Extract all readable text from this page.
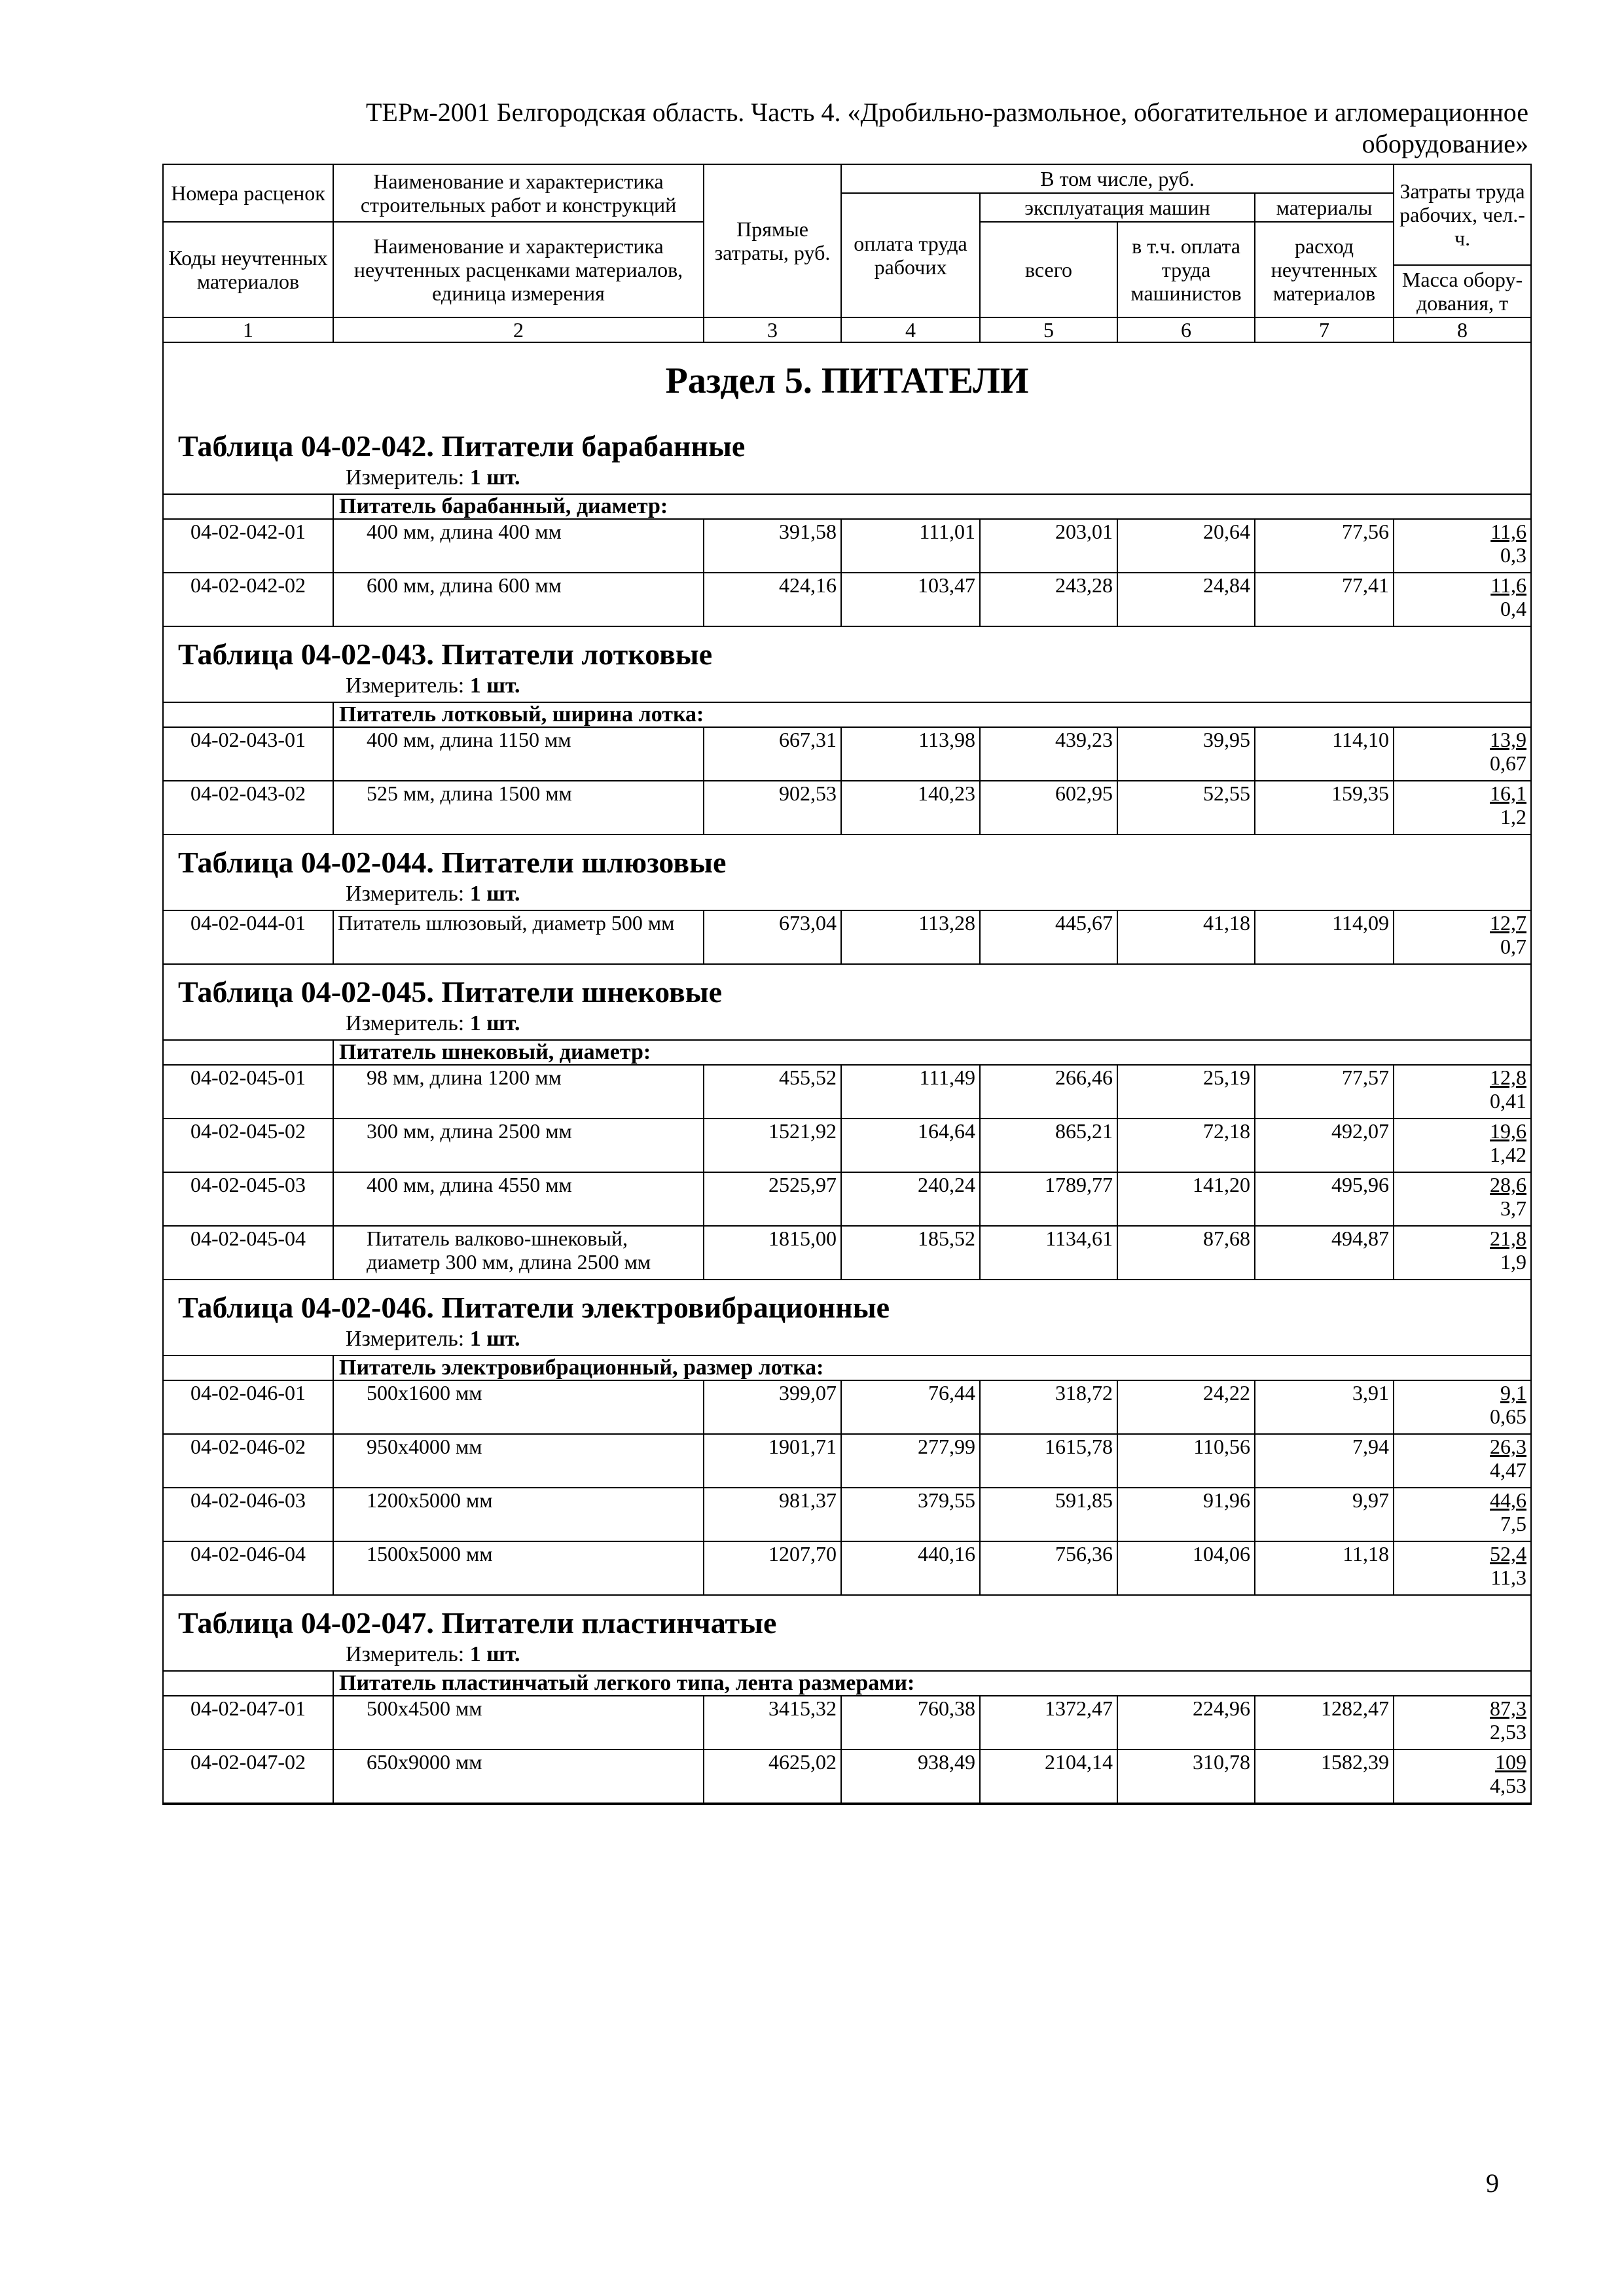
ТЕРм-2001 Белгородская область. Часть 4. «Дробильно-размольное, обогатительное и агломерационное
оборудование»
Номера расценок	Наименование и характеристика строительных работ и конструкций	Прямые затраты, руб.	В том числе, руб.				Затраты труда рабочих, чел.-ч.
			оплата труда рабочих	эксплуатация машин		материалы	
Коды неучтенных материалов	Наименование и характеристика неучтенных расценками материалов, единица измерения			всего	в т.ч. оплата труда машинистов	расход неучтенных материалов	
							Масса обору-дования, т
1	2	3	4	5	6	7	8
Раздел 5. ПИТАТЕЛИ							
Таблица 04-02-042. Питатели барабанные							
Измеритель: 1 шт.							
	Питатель барабанный, диаметр:						
04-02-042-01	400 мм, длина 400 мм	391,58	111,01	203,01	20,64	77,56	11,6
0,3

04-02-042-02	600 мм, длина 600 мм	424,16	103,47	243,28	24,84	77,41	11,6
0,4

Таблица 04-02-043. Питатели лотковые							
Измеритель: 1 шт.							
	Питатель лотковый, ширина лотка:						
04-02-043-01	400 мм, длина 1150 мм	667,31	113,98	439,23	39,95	114,10	13,9
0,67

04-02-043-02	525 мм, длина 1500 мм	902,53	140,23	602,95	52,55	159,35	16,1
1,2

Таблица 04-02-044. Питатели шлюзовые							
Измеритель: 1 шт.							
04-02-044-01	Питатель шлюзовый, диаметр 500 мм	673,04	113,28	445,67	41,18	114,09	12,7
0,7

Таблица 04-02-045. Питатели шнековые							
Измеритель: 1 шт.							
	Питатель шнековый, диаметр:						
04-02-045-01	98 мм, длина 1200 мм	455,52	111,49	266,46	25,19	77,57	12,8
0,41

04-02-045-02	300 мм, длина 2500 мм	1521,92	164,64	865,21	72,18	492,07	19,6
1,42

04-02-045-03	400 мм, длина 4550 мм	2525,97	240,24	1789,77	141,20	495,96	28,6
3,7

04-02-045-04	Питатель валково-шнековый, диаметр 300 мм, длина 2500 мм	1815,00	185,52	1134,61	87,68	494,87	21,8
1,9

Таблица 04-02-046. Питатели электровибрационные							
Измеритель: 1 шт.							
	Питатель электровибрационный, размер лотка:						
04-02-046-01	500х1600 мм	399,07	76,44	318,72	24,22	3,91	9,1
0,65

04-02-046-02	950х4000 мм	1901,71	277,99	1615,78	110,56	7,94	26,3
4,47

04-02-046-03	1200х5000 мм	981,37	379,55	591,85	91,96	9,97	44,6
7,5

04-02-046-04	1500х5000 мм	1207,70	440,16	756,36	104,06	11,18	52,4
11,3

Таблица 04-02-047. Питатели пластинчатые							
Измеритель: 1 шт.							
	Питатель пластинчатый легкого типа, лента размерами:						
04-02-047-01	500х4500 мм	3415,32	760,38	1372,47	224,96	1282,47	87,3
2,53

04-02-047-02	650х9000 мм	4625,02	938,49	2104,14	310,78	1582,39	109
4,53

9
